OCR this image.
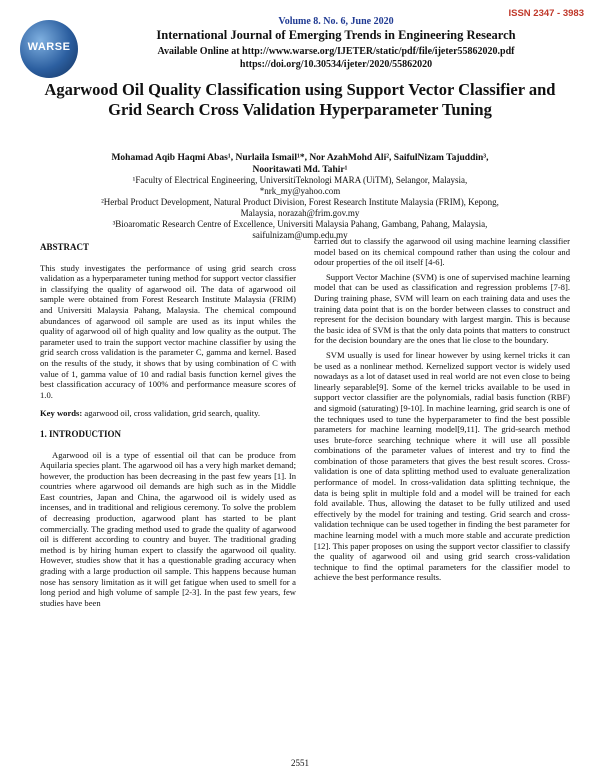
ISSN 2347 - 3983
WARSE
Volume 8. No. 6, June 2020
International Journal of Emerging Trends in Engineering Research
Available Online at http://www.warse.org/IJETER/static/pdf/file/ijeter55862020.pdf
https://doi.org/10.30534/ijeter/2020/55862020
Agarwood Oil Quality Classification using Support Vector Classifier and Grid Search Cross Validation Hyperparameter Tuning
Mohamad Aqib Haqmi Abas¹, Nurlaila Ismail¹*, Nor AzahMohd Ali², SaifulNizam Tajuddin³,
Nooritawati Md. Tahir¹
¹Faculty of Electrical Engineering, UniversitiTeknologi MARA (UiTM), Selangor, Malaysia,
*nrk_my@yahoo.com
²Herbal Product Development, Natural Product Division, Forest Research Institute Malaysia (FRIM), Kepong,
Malaysia, norazah@frim.gov.my
³Bioaromatic Research Centre of Excellence, Universiti Malaysia Pahang, Gambang, Pahang, Malaysia,
saifulnizam@ump.edu.my

ABSTRACT

This study investigates the performance of using grid search cross validation as a hyperparameter tuning method for support vector classifier in classifying the quality of agarwood oil. The data of agarwood oil sample were obtained from Forest Research Institute Malaysia (FRIM) and Universiti Malaysia Pahang, Malaysia. The chemical compound abundances of agarwood oil sample are used as its input whiles the quality of agarwood oil of high quality and low quality as the output. The parameter used to train the support vector machine classifier by using the grid search cross validation is the parameter C, gamma and kernel. Based on the results of the study, it shows that by using combination of C with value of 1, gamma value of 10 and radial basis function kernel gives the best classification accuracy of 100% and performance measure scores of 1.0.

Key words: agarwood oil, cross validation, grid search, quality.

1. INTRODUCTION

Agarwood oil is a type of essential oil that can be produce from Aquilaria species plant. The agarwood oil has a very high market demand; however, the production has been decreasing in the past few years [1]. In countries where agarwood oil demands are high such as in the Middle East countries, Japan and China, the agarwood oil is widely used as incenses, and in traditional and religious ceremony. To solve the problem of decreasing production, agarwood plant has started to be plant commercially. The grading method used to grade the quality of agarwood oil is different according to country and buyer. The traditional grading method is by hiring human expert to classify the agarwood oil quality. However, studies show that it has a questionable grading accuracy when grading with a large production oil sample. This happens because human nose has sensory limitation as it will get fatigue when used to smell for a long period and high volume of sample [2-3]. In the past few years, few studies have been

carried out to classify the agarwood oil using machine learning classifier model based on its chemical compound rather than using the colour and odour properties of the oil itself [4-6].

Support Vector Machine (SVM) is one of supervised machine learning model that can be used as classification and regression problems [7-8]. During training phase, SVM will learn on each training data and uses the training data point that is on the border between classes to construct and represent for the decision boundary with largest margin. This is because the basic idea of SVM is that the only data points that matters to construct for the decision boundary are the ones that lie close to the boundary.

SVM usually is used for linear however by using kernel tricks it can be used as a nonlinear method. Kernelized support vector is widely used nowadays as a lot of dataset used in real world are not even close to being linearly separable[9]. Some of the kernel tricks available to be used in support vector classifier are the polynomials, radial basis function (RBF) and sigmoid (saturating) [9-10]. In machine learning, grid search is one of the techniques used to tune the hyperparameter to find the best possible parameters for machine learning model[9,11]. The grid-search method uses brute-force searching technique where it will use all possible combinations of the parameter values of interest and try to find the combination of those parameters that gives the best result scores. Cross-validation is one of data splitting method used to evaluate generalization performance of model. In cross-validation data splitting technique, the data is being split in multiple fold and a model will be trained for each fold available. Thus, allowing the dataset to be fully utilized and used effectively by the model for training and testing. Grid search and cross-validation technique can be used together in finding the best parameter for machine learning model with a much more stable and accurate prediction [12]. This paper proposes on using the support vector classifier to classify the quality of agarwood oil and using grid search cross-validation technique to find the optimal parameters for the classifier model to achieve the best performance results.

2551
